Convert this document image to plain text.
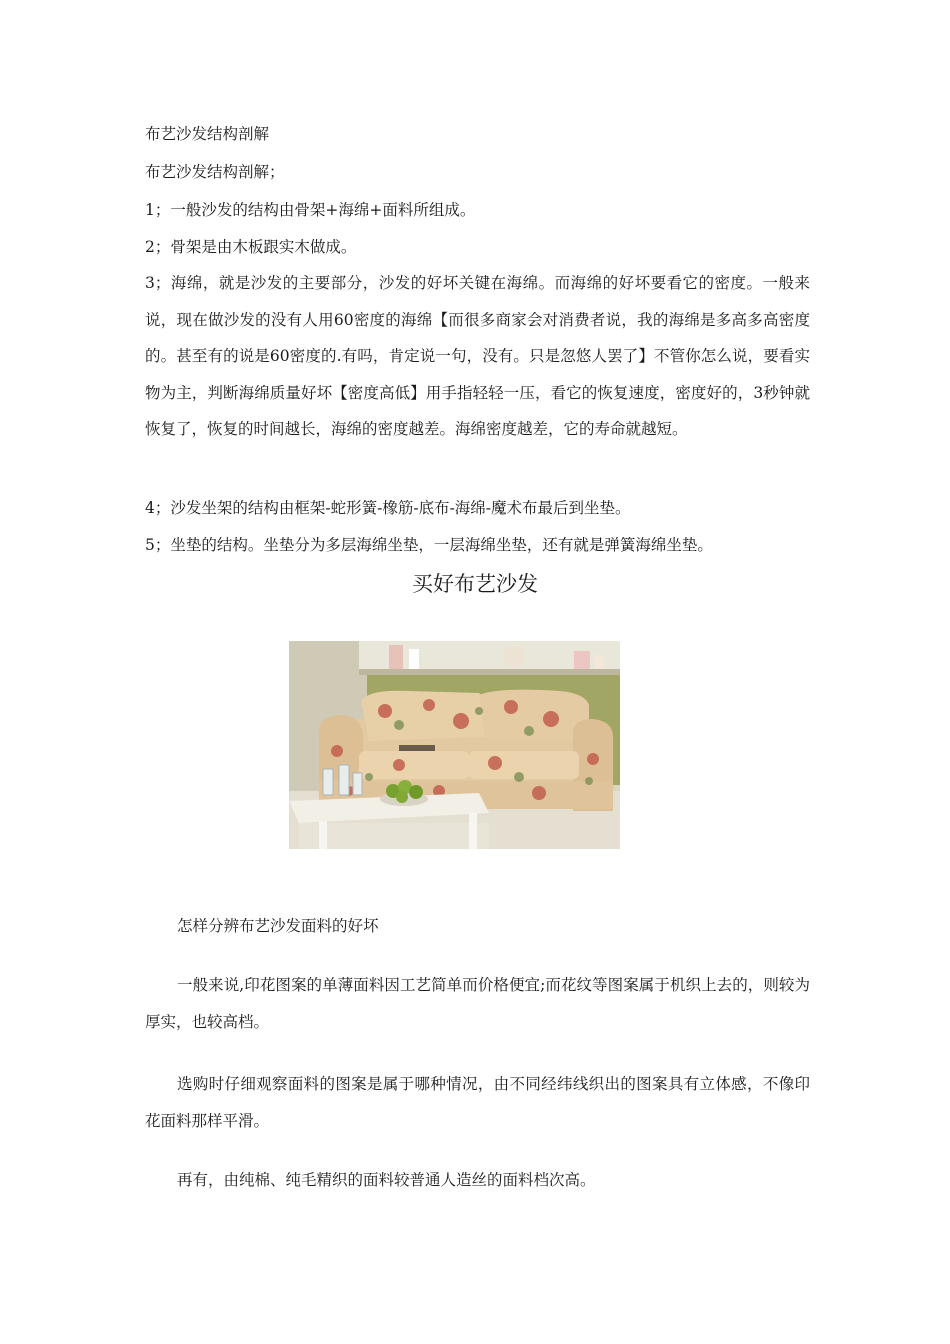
布艺沙发结构剖解
布艺沙发结构剖解；
1；一般沙发的结构由骨架+海绵+面料所组成。
2；骨架是由木板跟实木做成。
3；海绵，就是沙发的主要部分，沙发的好坏关键在海绵。而海绵的好坏要看它的密度。一般来说，现在做沙发的没有人用60密度的海绵【而很多商家会对消费者说，我的海绵是多高多高密度的。甚至有的说是60密度的.有吗，肯定说一句，没有。只是忽悠人罢了】不管你怎么说，要看实物为主，判断海绵质量好坏【密度高低】用手指轻轻一压，看它的恢复速度，密度好的，3秒钟就恢复了，恢复的时间越长，海绵的密度越差。海绵密度越差，它的寿命就越短。
4；沙发坐架的结构由框架-蛇形簧-橡筋-底布-海绵-魔术布最后到坐垫。
5；坐垫的结构。坐垫分为多层海绵坐垫，一层海绵坐垫，还有就是弹簧海绵坐垫。
买好布艺沙发
怎样分辨布艺沙发面料的好坏
一般来说,印花图案的单薄面料因工艺简单而价格便宜;而花纹等图案属于机织上去的，则较为厚实，也较高档。
选购时仔细观察面料的图案是属于哪种情况，由不同经纬线织出的图案具有立体感，不像印花面料那样平滑。
再有，由纯棉、纯毛精织的面料较普通人造丝的面料档次高。
